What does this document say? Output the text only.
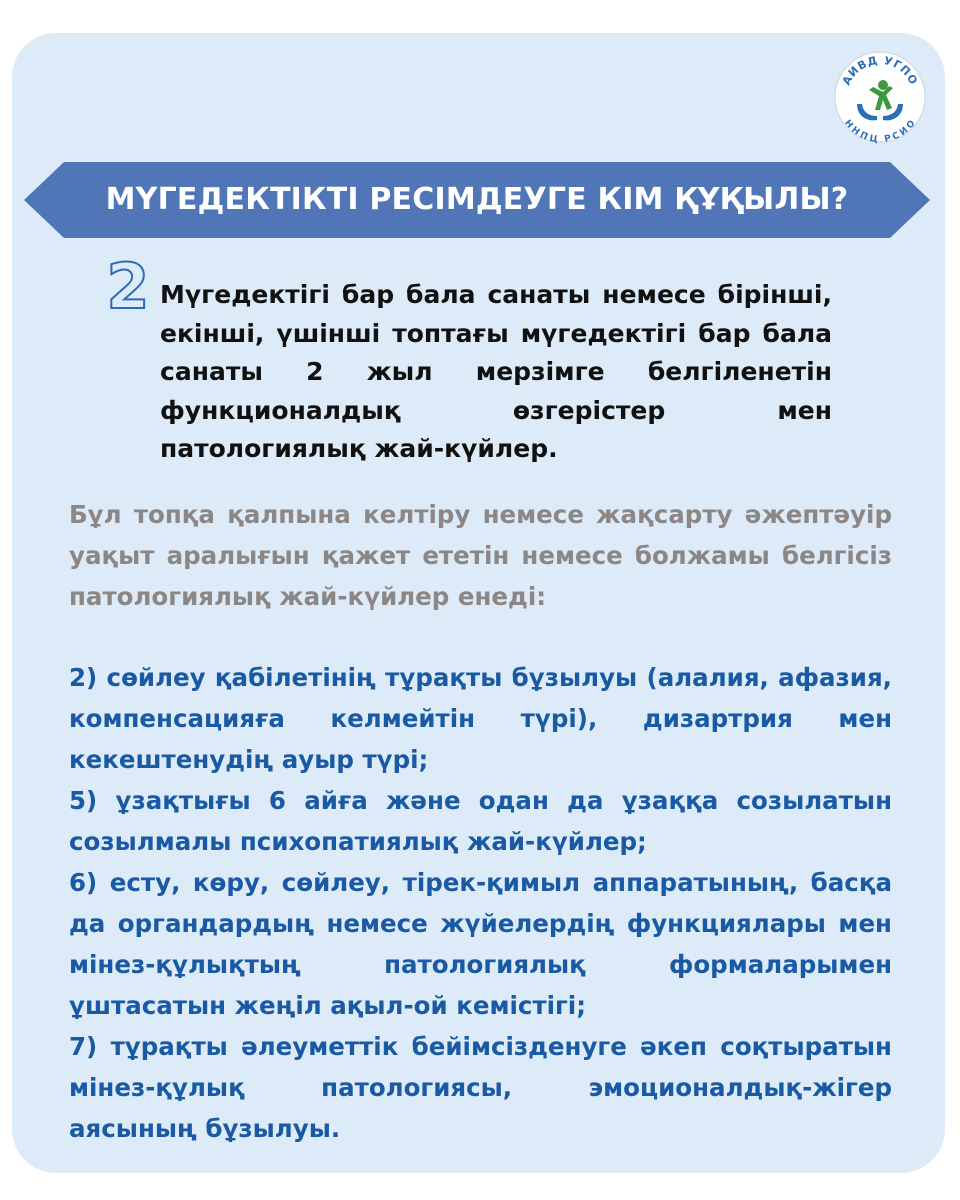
АИВД УГПО
ННПЦ РСИО
МҮГЕДЕКТІКТІ РЕСІМДЕУГЕ КІМ ҚҰҚЫЛЫ?
2 Мүгедектігі бар бала санаты немесе бірінші, екінші, үшінші топтағы мүгедектігі бар бала санаты 2 жыл мерзімге белгіленетін функционалдық өзгерістер мен патологиялық жай-күйлер.
Бұл топқа қалпына келтіру немесе жақсарту әжептәуір уақыт аралығын қажет ететін немесе болжамы белгісіз патологиялық жай-күйлер енеді:
2) сөйлеу қабілетінің тұрақты бұзылуы (алалия, афазия, компенсацияға келмейтін түрі), дизартрия мен кекештенудің ауыр түрі;
5) ұзақтығы 6 айға және одан да ұзаққа созылатын созылмалы психопатиялық жай-күйлер;
6) есту, көру, сөйлеу, тірек-қимыл аппаратының, басқа да органдардың немесе жүйелердің функциялары мен мінез-құлықтың патологиялық формаларымен ұштасатын жеңіл ақыл-ой кемістігі;
7) тұрақты әлеуметтік бейімсізденуге әкеп соқтыратын мінез-құлық патологиясы, эмоционалдық-жігер аясының бұзылуы.
